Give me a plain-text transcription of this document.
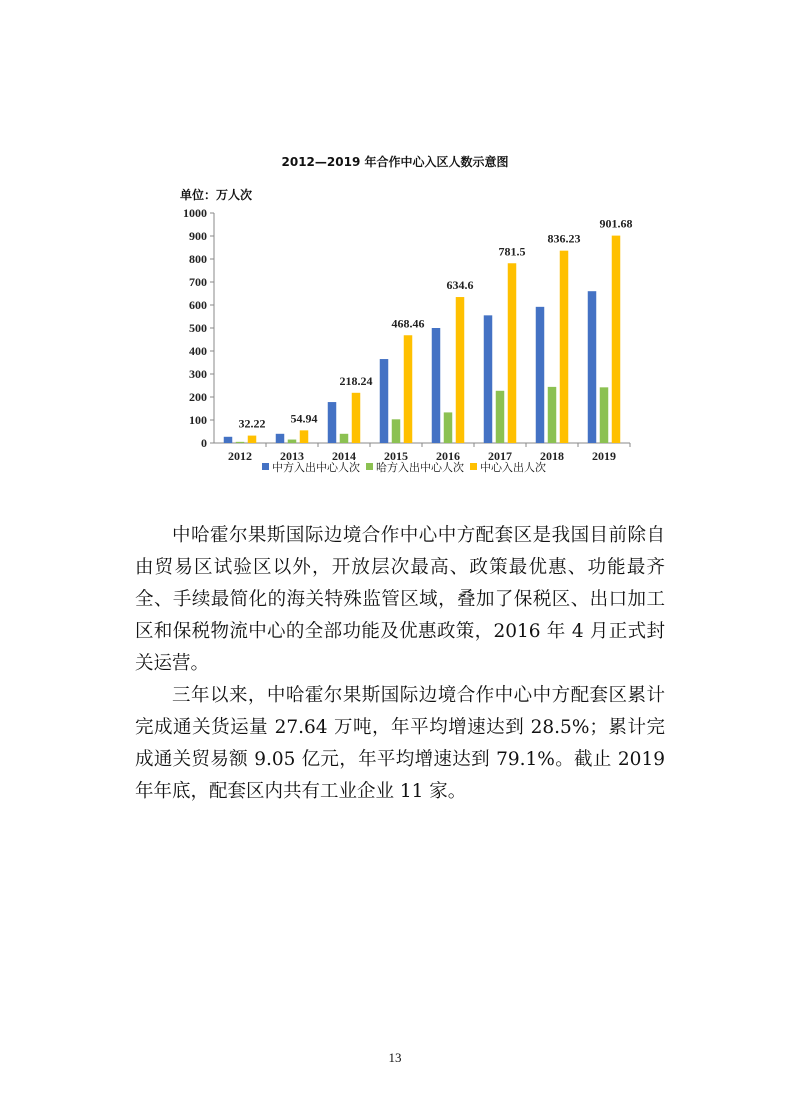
2012—2019 年合作中心入区人数示意图
单位：万人次
0
100
200
300
400
500
600
700
800
900
1000
2012 2013 2014 2015 2016 2017 2018 2019
32.22 54.94
218.24
468.46
634.6
781.5
836.23
901.68
中方入出中心人次 哈方入出中心人次 中心入出人次

中哈霍尔果斯国际边境合作中心中方配套区是我国目前除自由贸易区试验区以外，开放层次最高、政策最优惠、功能最齐全、手续最简化的海关特殊监管区域，叠加了保税区、出口加工区和保税物流中心的全部功能及优惠政策，2016 年 4 月正式封关运营。

三年以来，中哈霍尔果斯国际边境合作中心中方配套区累计完成通关货运量 27.64 万吨，年平均增速达到 28.5%；累计完成通关贸易额 9.05 亿元，年平均增速达到 79.1%。截止 2019 年年底，配套区内共有工业企业 11 家。

13
